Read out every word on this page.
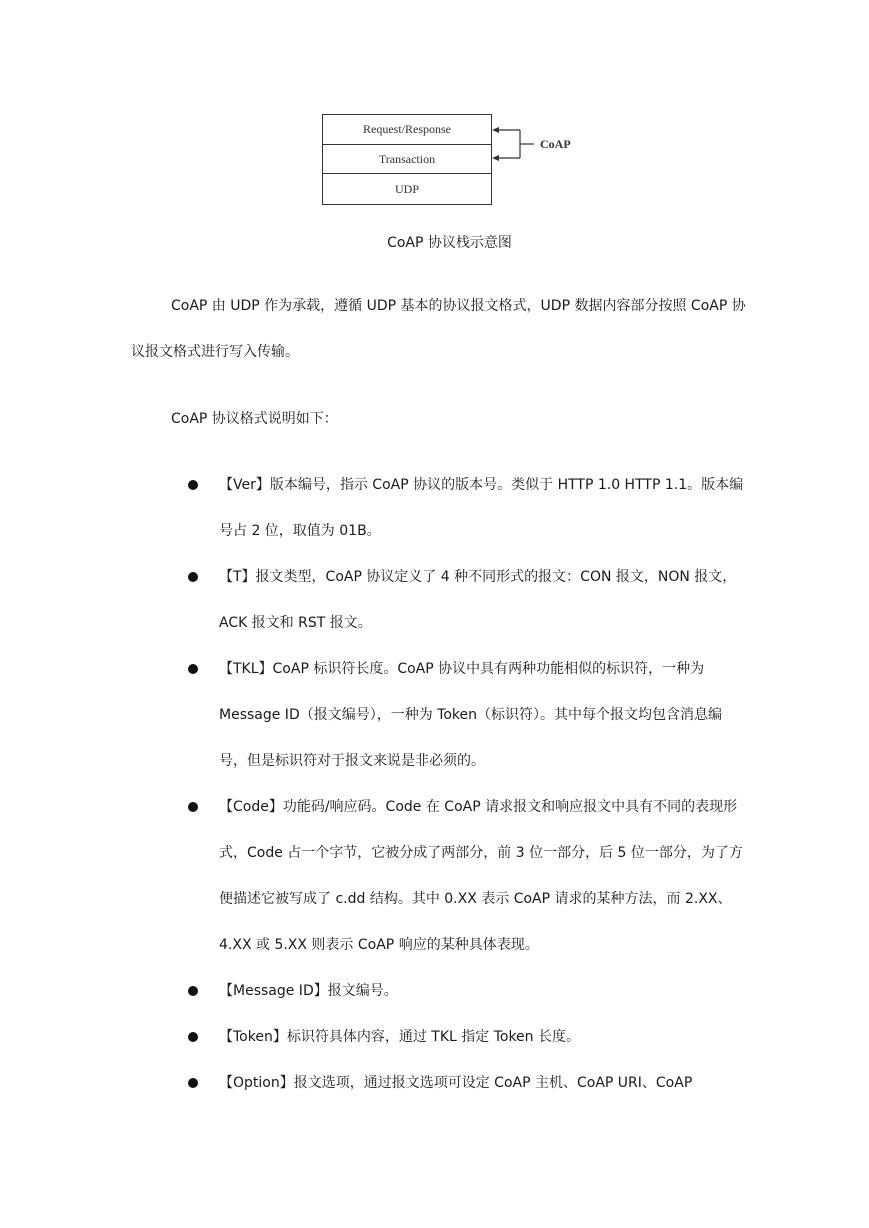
Request/Response
Transaction
UDP
CoAP
CoAP 协议栈示意图

CoAP 由 UDP 作为承载，遵循 UDP 基本的协议报文格式，UDP 数据内容部分按照 CoAP 协议报文格式进行写入传输。

CoAP 协议格式说明如下：

【Ver】版本编号，指示 CoAP 协议的版本号。类似于 HTTP 1.0 HTTP 1.1。版本编号占 2 位，取值为 01B。
【T】报文类型，CoAP 协议定义了 4 种不同形式的报文：CON 报文，NON 报文，ACK 报文和 RST 报文。
【TKL】CoAP 标识符长度。CoAP 协议中具有两种功能相似的标识符，一种为 Message ID（报文编号），一种为 Token（标识符）。其中每个报文均包含消息编号，但是标识符对于报文来说是非必须的。
【Code】功能码/响应码。Code 在 CoAP 请求报文和响应报文中具有不同的表现形式，Code 占一个字节，它被分成了两部分，前 3 位一部分，后 5 位一部分，为了方便描述它被写成了 c.dd 结构。其中 0.XX 表示 CoAP 请求的某种方法，而 2.XX、4.XX 或 5.XX 则表示 CoAP 响应的某种具体表现。
【Message ID】报文编号。
【Token】标识符具体内容，通过 TKL 指定 Token 长度。
【Option】报文选项，通过报文选项可设定 CoAP 主机、CoAP URI、CoAP
